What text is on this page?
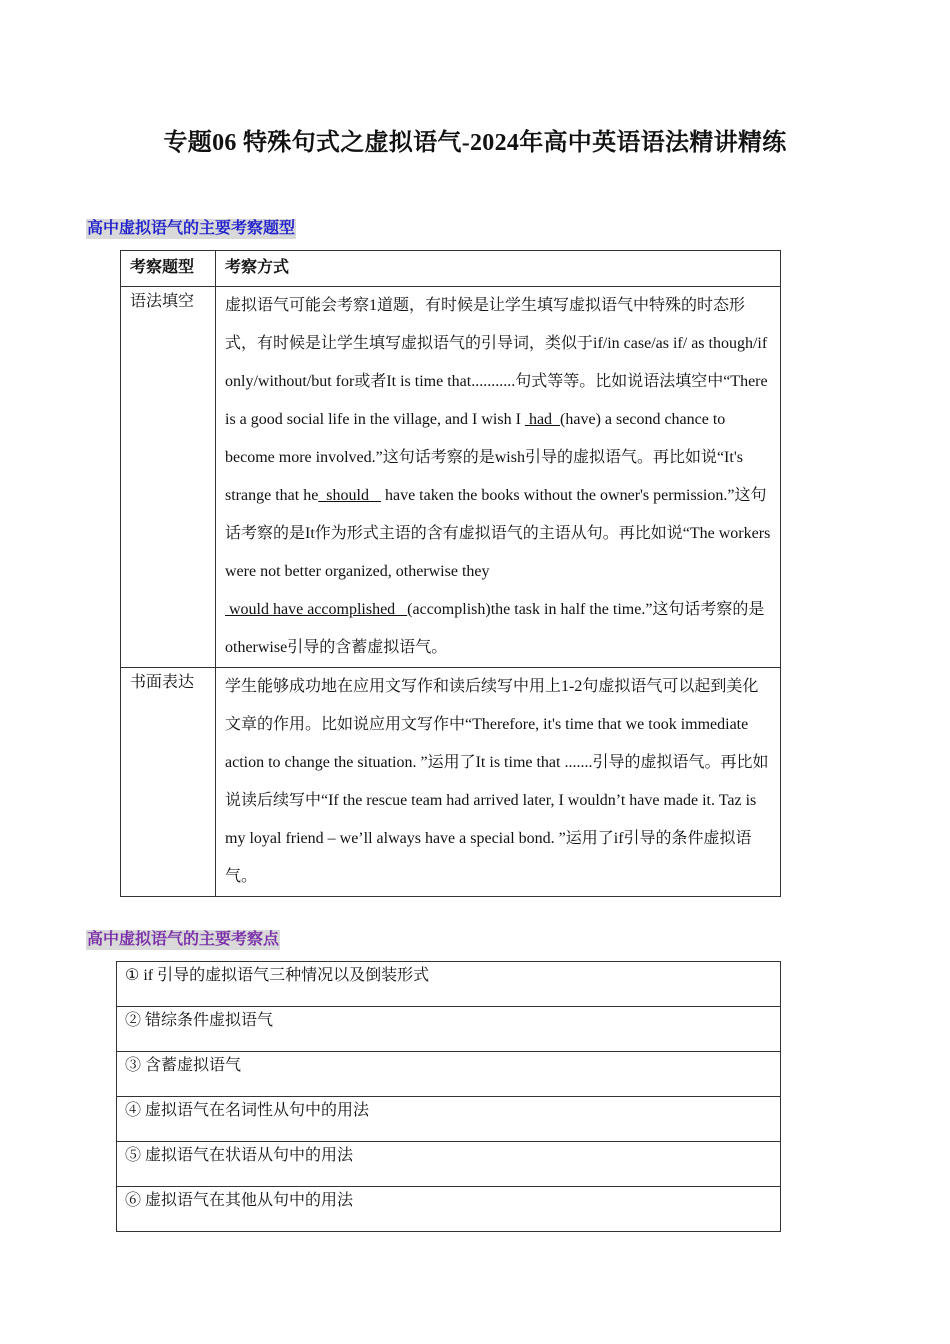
专题06 特殊句式之虚拟语气-2024年高中英语语法精讲精练
高中虚拟语气的主要考察题型
考察题型	考察方式
语法填空	虚拟语气可能会考察1道题，有时候是让学生填写虚拟语气中特殊的时态形式，有时候是让学生填写虚拟语气的引导词，类似于if/in case/as if/ as though/if only/without/but for或者It is time that...........句式等等。比如说语法填空中“There is a good social life in the village, and I wish I  had  (have) a second chance to become more involved.”这句话考察的是wish引导的虚拟语气。再比如说“It's strange that he  should    have taken the books without the owner's permission.”这句话考察的是It作为形式主语的含有虚拟语气的主语从句。再比如说“The workers were not better organized, otherwise they  would have accomplished   (accomplish)the task in half the time.”这句话考察的是otherwise引导的含蓄虚拟语气。
书面表达	学生能够成功地在应用文写作和读后续写中用上1-2句虚拟语气可以起到美化文章的作用。比如说应用文写作中“Therefore, it's time that we took immediate action to change the situation. ”运用了It is time that .......引导的虚拟语气。再比如说读后续写中“If the rescue team had arrived later, I wouldn’t have made it. Taz is my loyal friend – we’ll always have a special bond. ”运用了if引导的条件虚拟语气。
高中虚拟语气的主要考察点
① if 引导的虚拟语气三种情况以及倒装形式
② 错综条件虚拟语气
③ 含蓄虚拟语气
④ 虚拟语气在名词性从句中的用法
⑤ 虚拟语气在状语从句中的用法
⑥ 虚拟语气在其他从句中的用法
